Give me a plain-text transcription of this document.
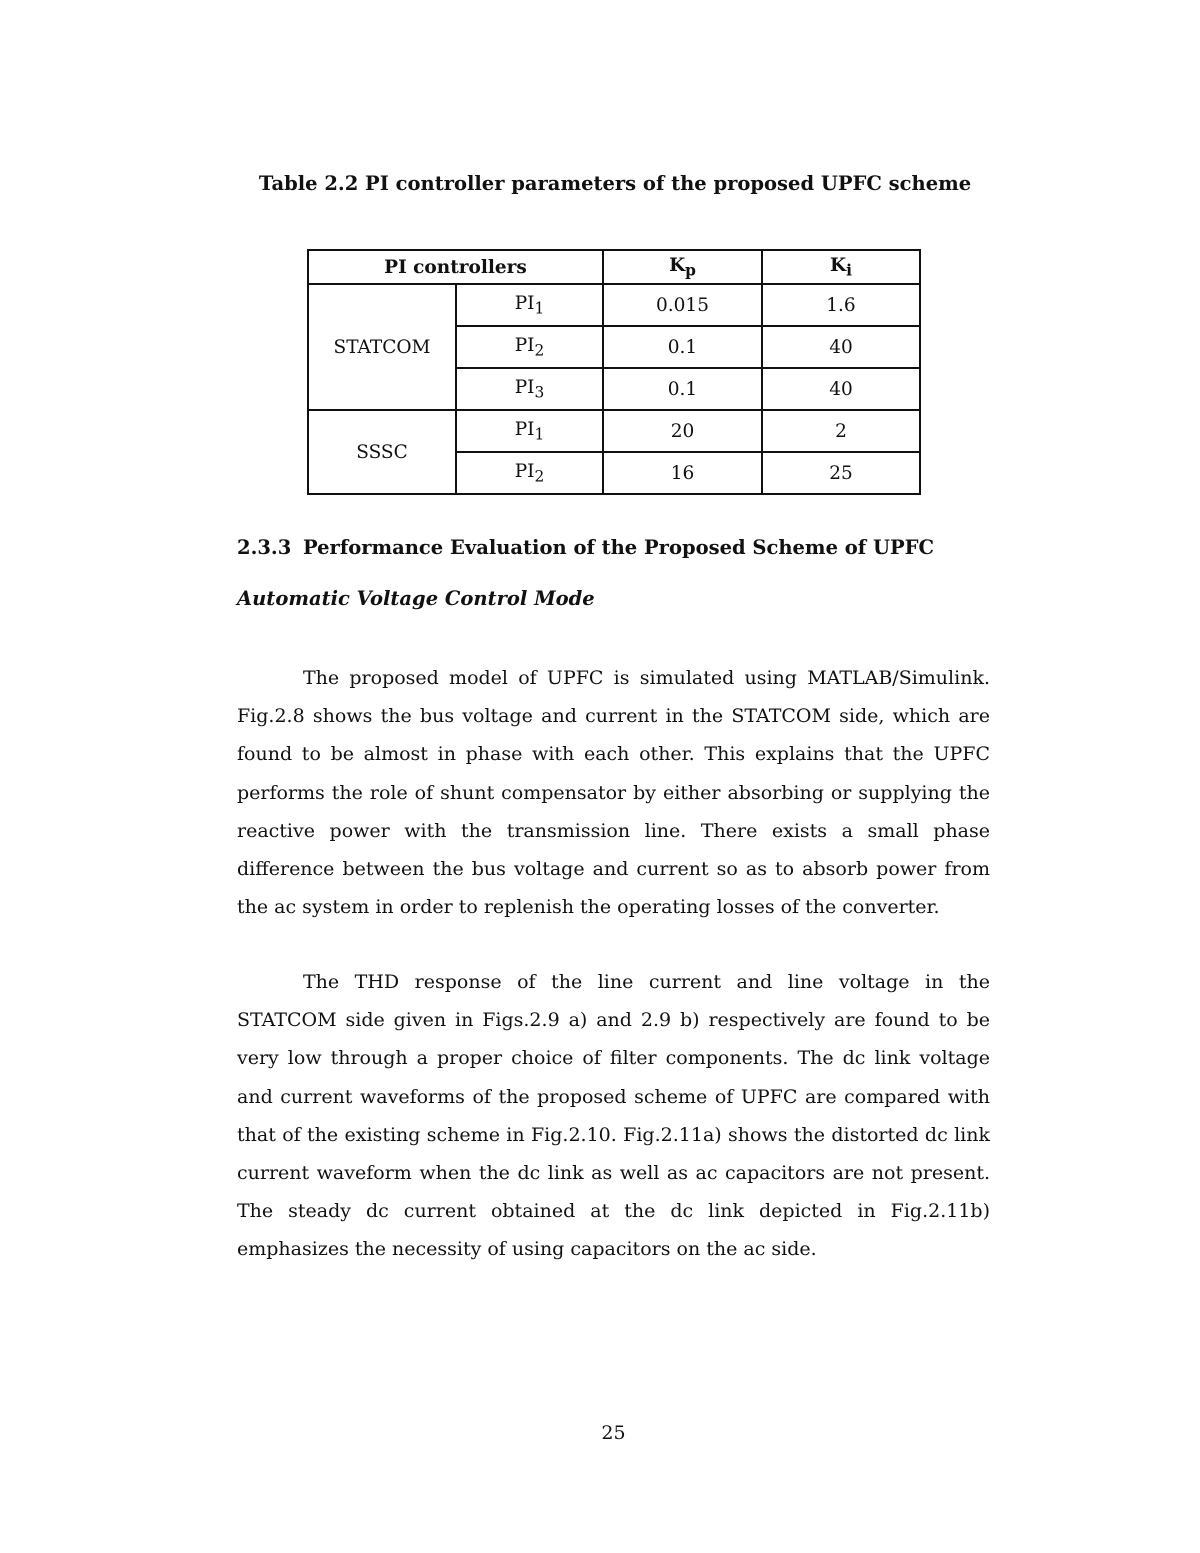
Table 2.2 PI controller parameters of the proposed UPFC scheme
PI controllers		$K_p$	$K_i$
STATCOM	$PI_1$	0.015	1.6
	$PI_2$	0.1	40
	$PI_3$	0.1	40
SSSC	$PI_1$	20	2
	$PI_2$	16	25
2.3.3 Performance Evaluation of the Proposed Scheme of UPFC
Automatic Voltage Control Mode

The proposed model of UPFC is simulated using MATLAB/Simulink. Fig.2.8 shows the bus voltage and current in the STATCOM side, which are found to be almost in phase with each other. This explains that the UPFC performs the role of shunt compensator by either absorbing or supplying the reactive power with the transmission line. There exists a small phase difference between the bus voltage and current so as to absorb power from the ac system in order to replenish the operating losses of the converter.

The THD response of the line current and line voltage in the STATCOM side given in Figs.2.9 a) and 2.9 b) respectively are found to be very low through a proper choice of filter components. The dc link voltage and current waveforms of the proposed scheme of UPFC are compared with that of the existing scheme in Fig.2.10. Fig.2.11a) shows the distorted dc link current waveform when the dc link as well as ac capacitors are not present. The steady dc current obtained at the dc link depicted in Fig.2.11b) emphasizes the necessity of using capacitors on the ac side.

25
